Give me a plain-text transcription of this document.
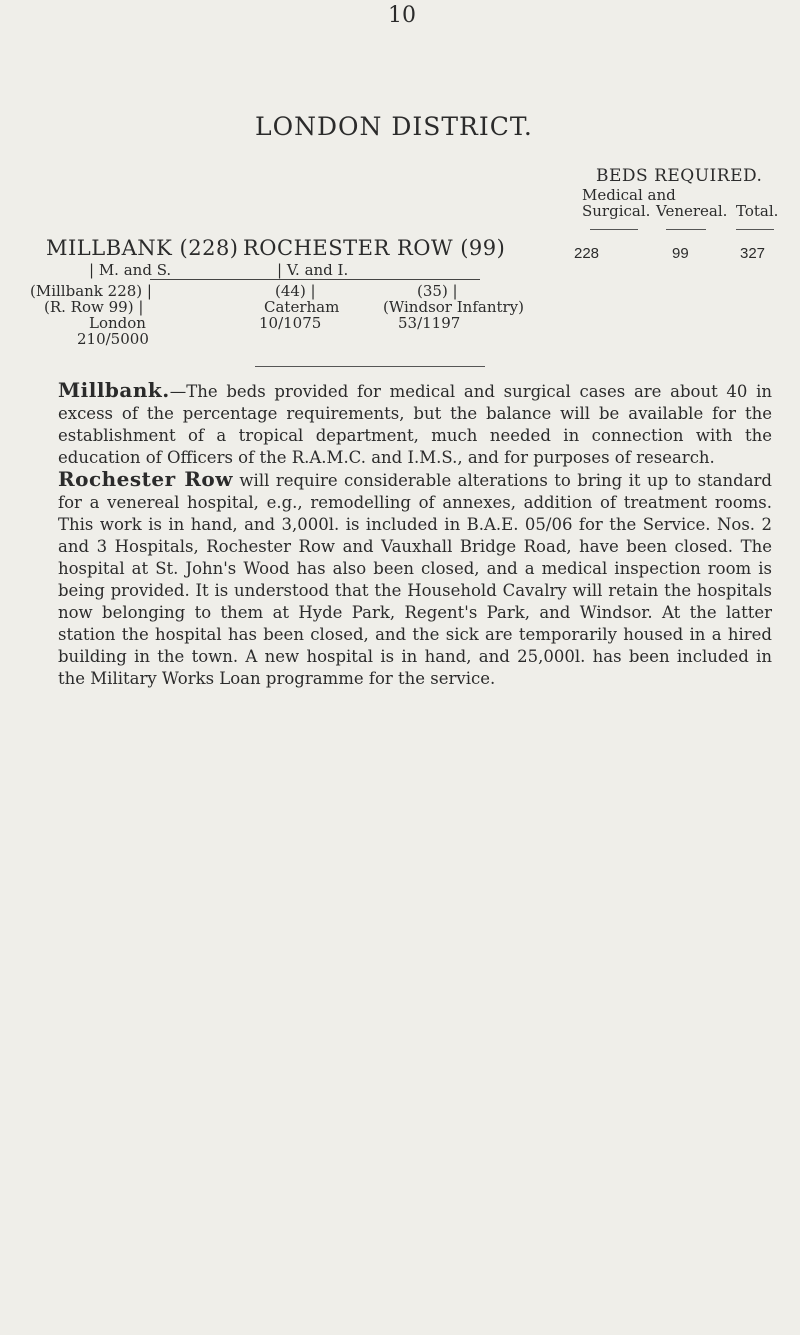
10
LONDON DISTRICT.
BEDS REQUIRED.
Medical and
Surgical. Venereal. Total.
MILLBANK (228) ROCHESTER ROW (99)	228	99	327
| M. and S.	| V. and I.
(Millbank 228) |	(44) |	(35) |
(R. Row 99) |	Caterham	(Windsor Infantry)
London	10/1075	53/1197
210/5000
Millbank.—The beds provided for medical and surgical cases are about 40 in excess of the percentage requirements, but the balance will be available for the establishment of a tropical department, much needed in connection with the education of Officers of the R.A.M.C. and I.M.S., and for purposes of research.
Rochester Row will require considerable alterations to bring it up to standard for a venereal hospital, e.g., remodelling of annexes, addition of treatment rooms. This work is in hand, and 3,000l. is included in B.A.E. 05/06 for the Service. Nos. 2 and 3 Hospitals, Rochester Row and Vauxhall Bridge Road, have been closed. The hospital at St. John's Wood has also been closed, and a medical inspection room is being provided. It is understood that the Household Cavalry will retain the hospitals now belonging to them at Hyde Park, Regent's Park, and Windsor. At the latter station the hospital has been closed, and the sick are temporarily housed in a hired building in the town. A new hospital is in hand, and 25,000l. has been included in the Military Works Loan programme for the service.
